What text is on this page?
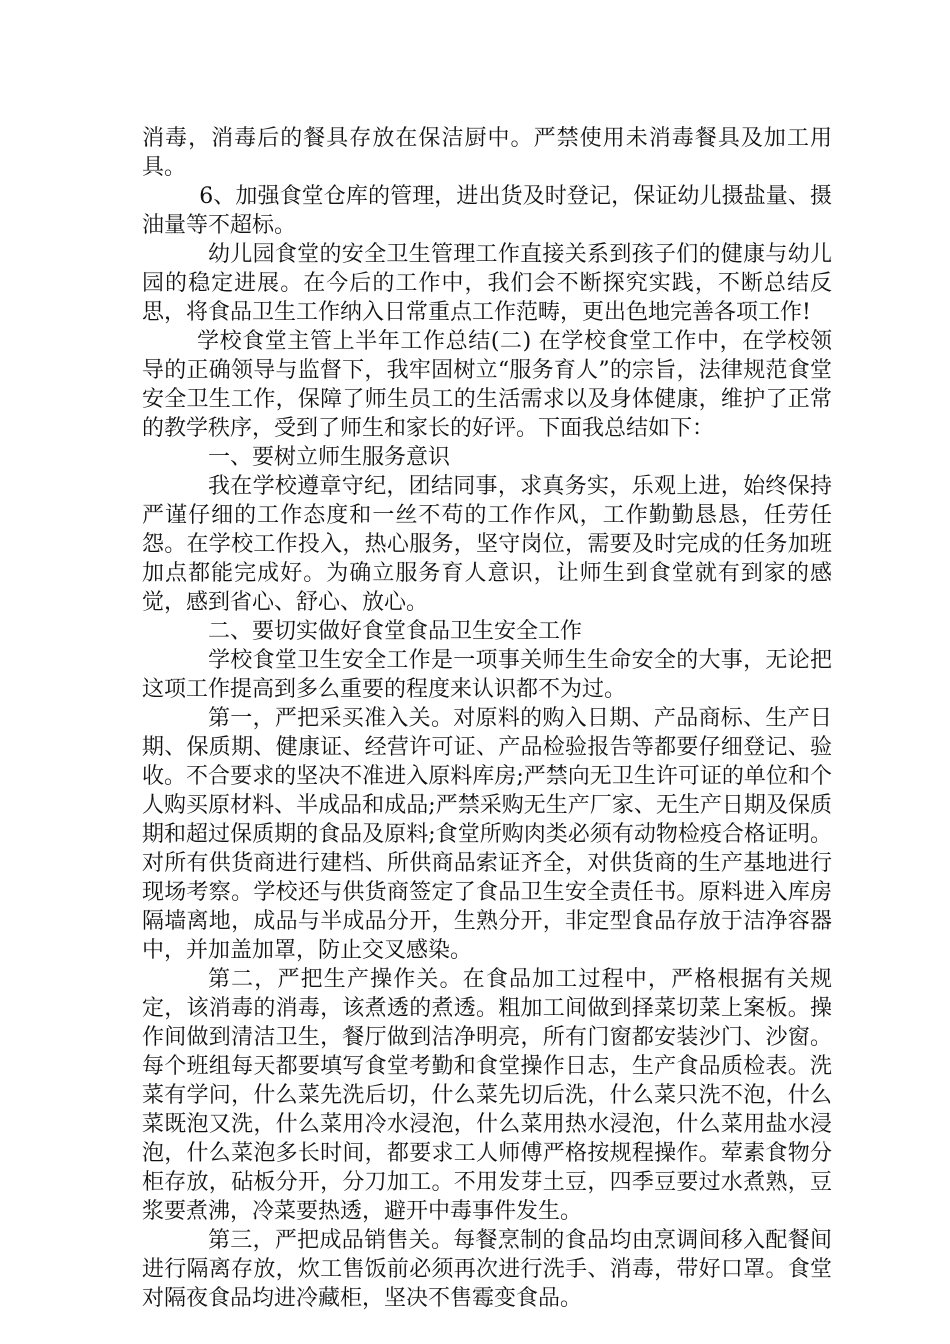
消毒，消毒后的餐具存放在保洁厨中。严禁使用未消毒餐具及加工用具。

6、加强食堂仓库的管理，进出货及时登记，保证幼儿摄盐量、摄油量等不超标。

幼儿园食堂的安全卫生管理工作直接关系到孩子们的健康与幼儿园的稳定进展。在今后的工作中，我们会不断探究实践，不断总结反思，将食品卫生工作纳入日常重点工作范畴，更出色地完善各项工作!

学校食堂主管上半年工作总结(二) 在学校食堂工作中，在学校领导的正确领导与监督下，我牢固树立“服务育人”的宗旨，法律规范食堂安全卫生工作，保障了师生员工的生活需求以及身体健康，维护了正常的教学秩序，受到了师生和家长的好评。下面我总结如下：

一、要树立师生服务意识

我在学校遵章守纪，团结同事，求真务实，乐观上进，始终保持严谨仔细的工作态度和一丝不苟的工作作风，工作勤勤恳恳，任劳任怨。在学校工作投入，热心服务，坚守岗位，需要及时完成的任务加班加点都能完成好。为确立服务育人意识，让师生到食堂就有到家的感觉，感到省心、舒心、放心。

二、要切实做好食堂食品卫生安全工作

学校食堂卫生安全工作是一项事关师生生命安全的大事，无论把这项工作提高到多么重要的程度来认识都不为过。

第一，严把采买准入关。对原料的购入日期、产品商标、生产日期、保质期、健康证、经营许可证、产品检验报告等都要仔细登记、验收。不合要求的坚决不准进入原料库房;严禁向无卫生许可证的单位和个人购买原材料、半成品和成品;严禁采购无生产厂家、无生产日期及保质期和超过保质期的食品及原料;食堂所购肉类必须有动物检疫合格证明。对所有供货商进行建档、所供商品索证齐全，对供货商的生产基地进行现场考察。学校还与供货商签定了食品卫生安全责任书。原料进入库房隔墙离地，成品与半成品分开，生熟分开，非定型食品存放于洁净容器中，并加盖加罩，防止交叉感染。

第二，严把生产操作关。在食品加工过程中，严格根据有关规定，该消毒的消毒，该煮透的煮透。粗加工间做到择菜切菜上案板。操作间做到清洁卫生，餐厅做到洁净明亮，所有门窗都安装沙门、沙窗。每个班组每天都要填写食堂考勤和食堂操作日志，生产食品质检表。洗菜有学问，什么菜先洗后切，什么菜先切后洗，什么菜只洗不泡，什么菜既泡又洗，什么菜用冷水浸泡，什么菜用热水浸泡，什么菜用盐水浸泡，什么菜泡多长时间，都要求工人师傅严格按规程操作。荤素食物分柜存放，砧板分开，分刀加工。不用发芽土豆，四季豆要过水煮熟，豆浆要煮沸，冷菜要热透，避开中毒事件发生。

第三，严把成品销售关。每餐烹制的食品均由烹调间移入配餐间进行隔离存放，炊工售饭前必须再次进行洗手、消毒，带好口罩。食堂对隔夜食品均进冷藏柜，坚决不售霉变食品。
